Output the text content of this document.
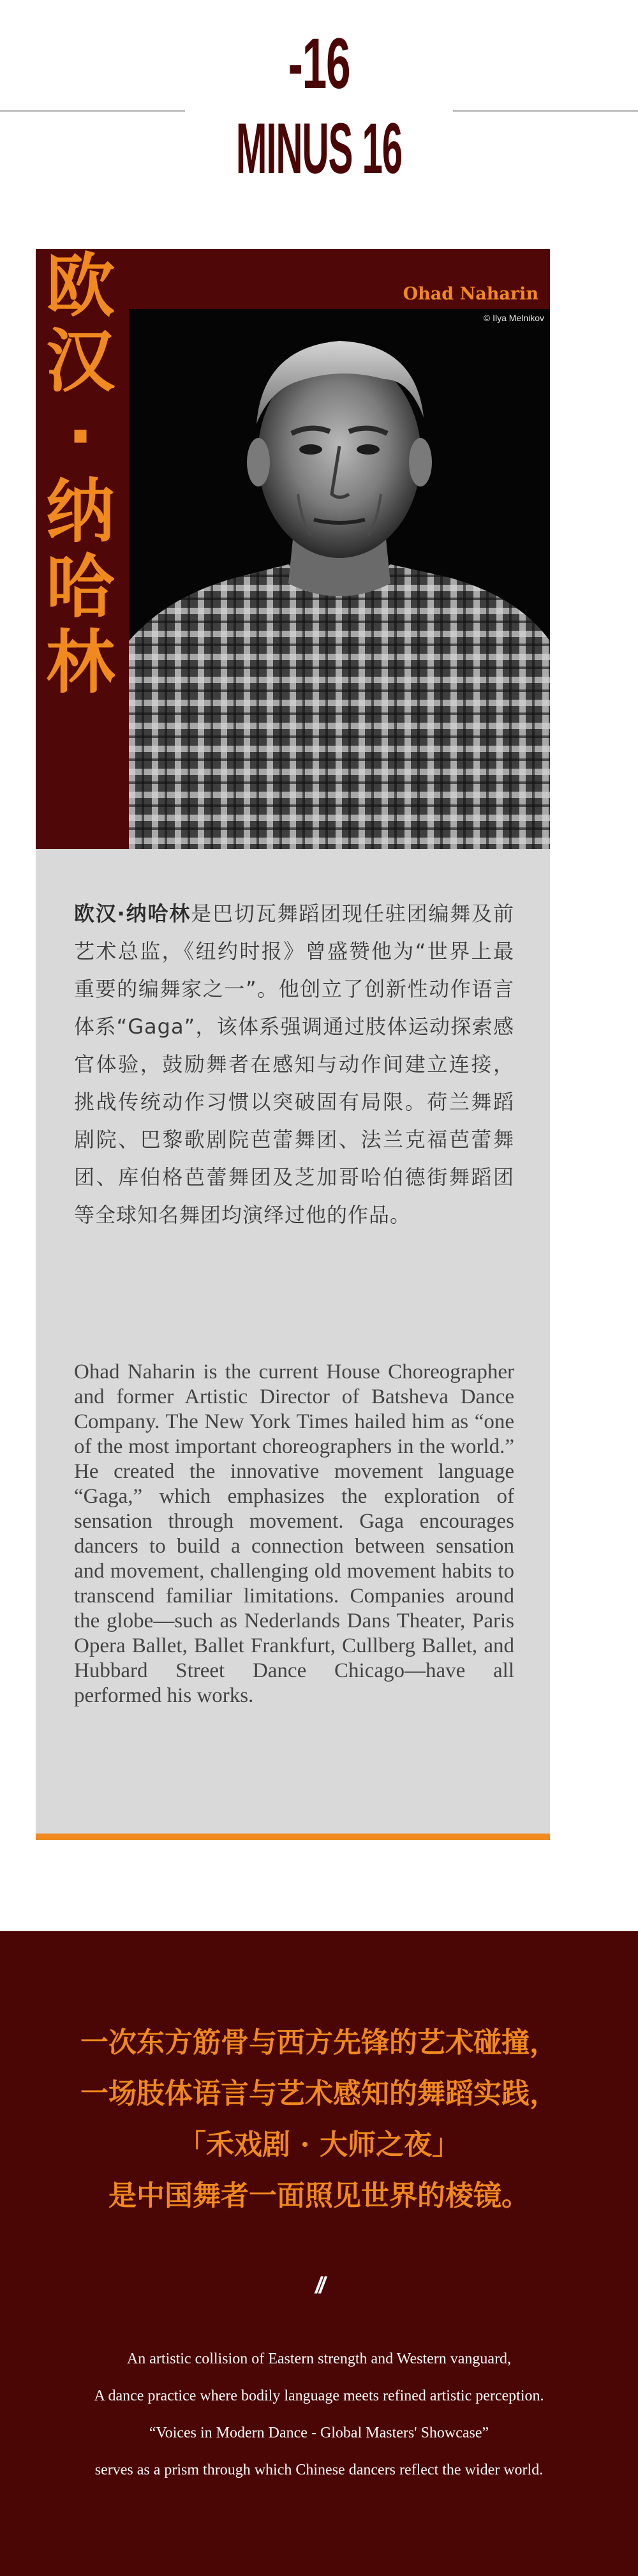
-16
MINUS 16
欧
汉
·
纳
哈
林
Ohad Naharin
© Ilya Melnikov
欧汉·纳哈林是巴切瓦舞蹈团现任驻团编舞及前艺术总监，《纽约时报》曾盛赞他为“世界上最重要的编舞家之一”。他创立了创新性动作语言体系“Gaga”，该体系强调通过肢体运动探索感官体验，鼓励舞者在感知与动作间建立连接，挑战传统动作习惯以突破固有局限。荷兰舞蹈剧院、巴黎歌剧院芭蕾舞团、法兰克福芭蕾舞团、库伯格芭蕾舞团及芝加哥哈伯德街舞蹈团等全球知名舞团均演绎过他的作品。
Ohad Naharin is the current House Choreographer and former Artistic Director of Batsheva Dance Company. The New York Times hailed him as “one of the most important choreographers in the world.” He created the innovative movement language “Gaga,” which emphasizes the exploration of sensation through movement. Gaga encourages dancers to build a connection between sensation and movement, challenging old movement habits to transcend familiar limitations. Companies around the globe—such as Nederlands Dans Theater, Paris Opera Ballet, Ballet Frankfurt, Cullberg Ballet, and Hubbard Street Dance Chicago—have all performed his works.
一次东方筋骨与西方先锋的艺术碰撞，
一场肢体语言与艺术感知的舞蹈实践，
「禾戏剧 · 大师之夜」
是中国舞者一面照见世界的棱镜。
//
An artistic collision of Eastern strength and Western vanguard,
A dance practice where bodily language meets refined artistic perception.
“Voices in Modern Dance - Global Masters' Showcase”
serves as a prism through which Chinese dancers reflect the wider world.
